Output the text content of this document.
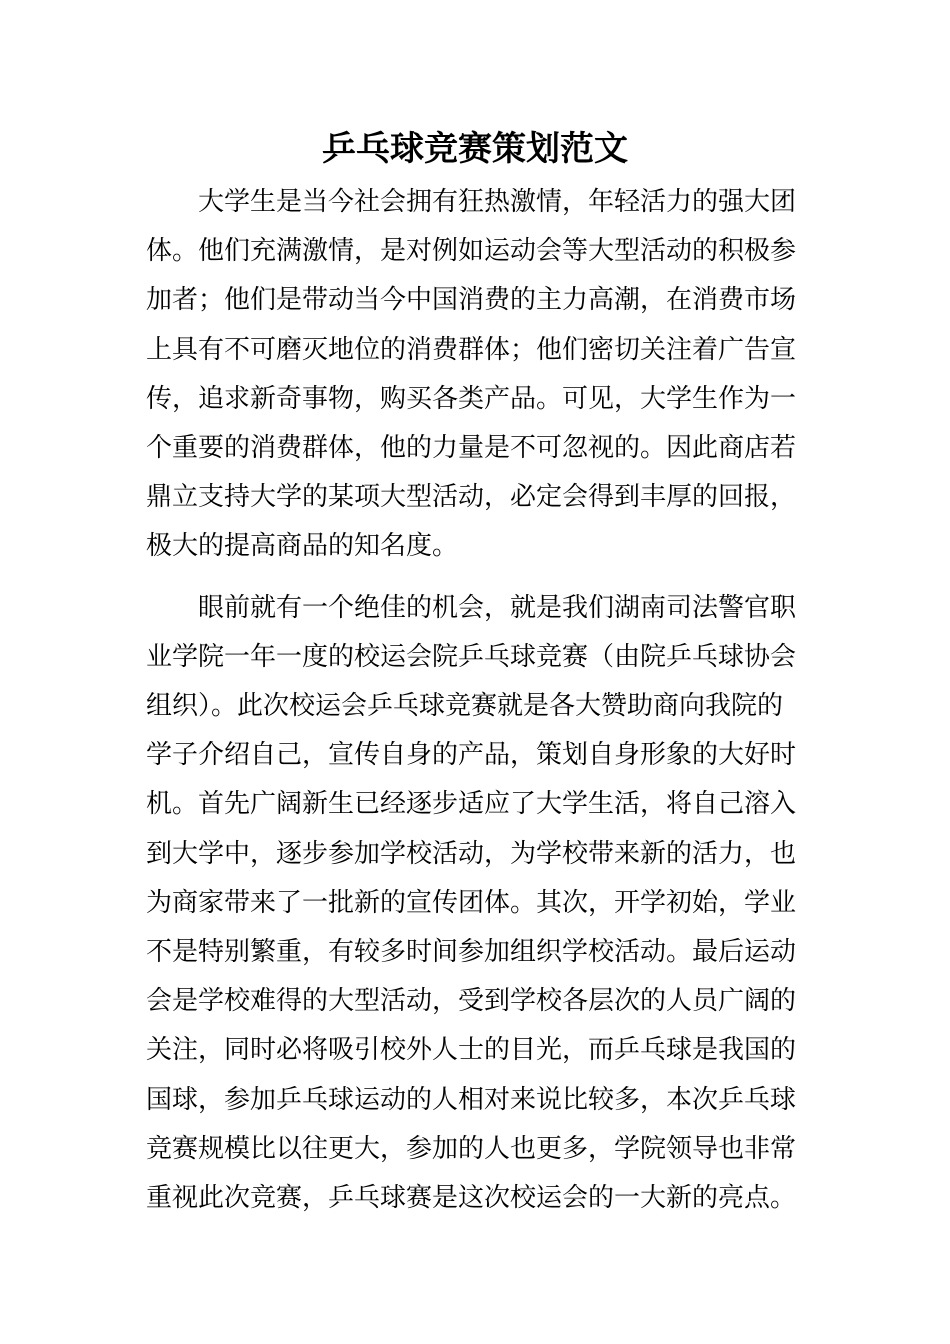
乒乓球竞赛策划范文

大学生是当今社会拥有狂热激情，年轻活力的强大团
体。他们充满激情，是对例如运动会等大型活动的积极参
加者；他们是带动当今中国消费的主力高潮，在消费市场
上具有不可磨灭地位的消费群体；他们密切关注着广告宣
传，追求新奇事物，购买各类产品。可见，大学生作为一
个重要的消费群体，他的力量是不可忽视的。因此商店若
鼎立支持大学的某项大型活动，必定会得到丰厚的回报，
极大的提高商品的知名度。

眼前就有一个绝佳的机会，就是我们湖南司法警官职
业学院一年一度的校运会院乒乓球竞赛（由院乒乓球协会
组织）。此次校运会乒乓球竞赛就是各大赞助商向我院的
学子介绍自己，宣传自身的产品，策划自身形象的大好时
机。首先广阔新生已经逐步适应了大学生活，将自己溶入
到大学中，逐步参加学校活动，为学校带来新的活力，也
为商家带来了一批新的宣传团体。其次，开学初始，学业
不是特别繁重，有较多时间参加组织学校活动。最后运动
会是学校难得的大型活动，受到学校各层次的人员广阔的
关注，同时必将吸引校外人士的目光，而乒乓球是我国的
国球，参加乒乓球运动的人相对来说比较多，本次乒乓球
竞赛规模比以往更大，参加的人也更多，学院领导也非常
重视此次竞赛，乒乓球赛是这次校运会的一大新的亮点。
